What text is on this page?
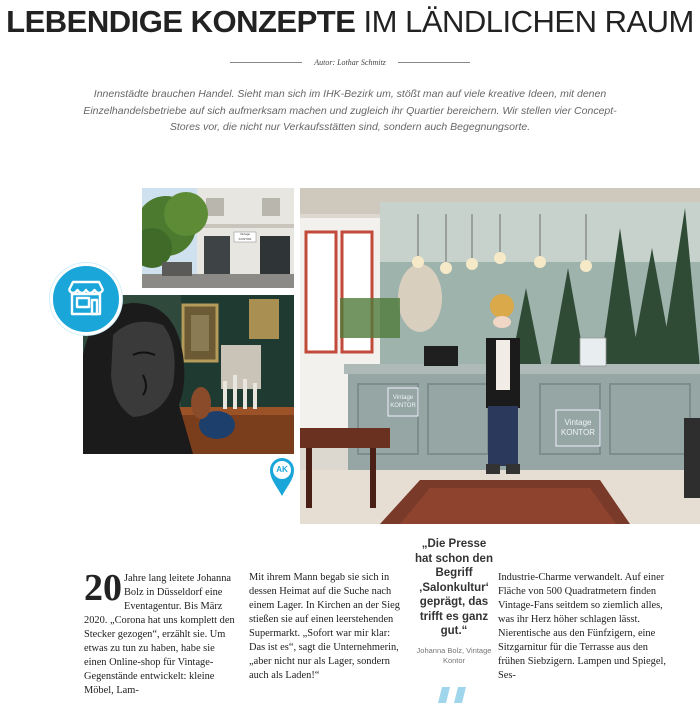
LEBENDIGE KONZEPTE IM LÄNDLICHEN RAUM
Autor: Lothar Schmitz
Innenstädte brauchen Handel. Sieht man sich im IHK-Bezirk um, stößt man auf viele kreative Ideen, mit denen Einzelhandelsbetriebe auf sich aufmerksam machen und zugleich ihr Quartier bereichern. Wir stellen vier Concept-Stores vor, die nicht nur Verkaufsstätten sind, sondern auch Begegnungsorte.
Vintage KONTOR
Vintage KONTOR
Vintage KONTOR
AK
20 Jahre lang leitete Johanna Bolz in Düsseldorf eine Eventagentur. Bis März 2020. „Corona hat uns komplett den Stecker gezogen“, erzählt sie. Um etwas zu tun zu haben, habe sie einen Online-shop für Vintage-Gegenstände entwickelt: kleine Möbel, Lam-
Mit ihrem Mann begab sie sich in dessen Heimat auf die Suche nach einem Lager. In Kirchen an der Sieg stießen sie auf einen leerstehenden Supermarkt. „Sofort war mir klar: Das ist es“, sagt die Unternehmerin, „aber nicht nur als Lager, sondern auch als Laden!“
„Die Presse hat schon den Begriff ‚Salonkultur‘ geprägt, das trifft es ganz gut.“
Johanna Bolz, Vintage Kontor
Industrie-Charme verwandelt. Auf einer Fläche von 500 Quadratmetern finden Vintage-Fans seitdem so ziemlich alles, was ihr Herz höher schlagen lässt. Nierentische aus den Fünfzigern, eine Sitzgarnitur für die Terrasse aus den frühen Siebzigern. Lampen und Spiegel, Ses-
